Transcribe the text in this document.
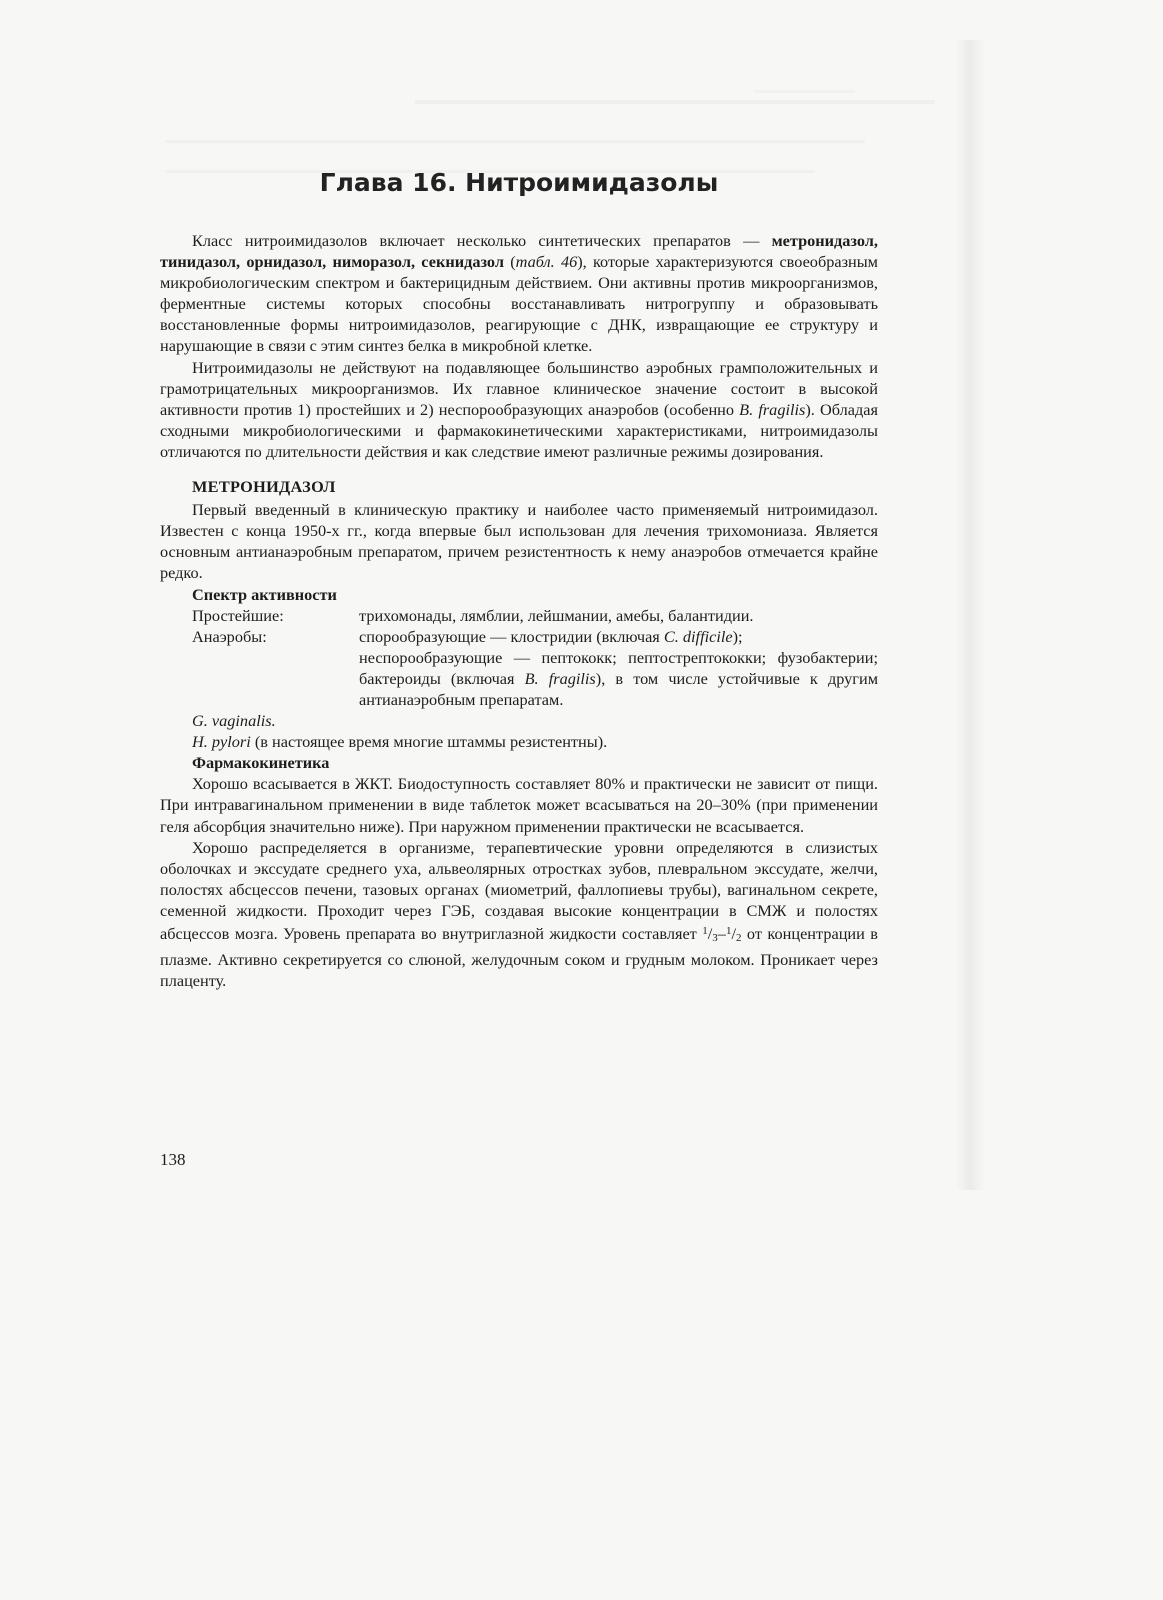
Глава 16. Нитроимидазолы

Класс нитроимидазолов включает несколько синтетических препаратов — метронидазол, тинидазол, орнидазол, ниморазол, секнидазол (табл. 46), которые характеризуются своеобразным микробиологическим спектром и бактерицидным действием. Они активны против микроорганизмов, ферментные системы которых способны восстанавливать нитрогруппу и образовывать восстановленные формы нитроимидазолов, реагирующие с ДНК, извращающие ее структуру и нарушающие в связи с этим синтез белка в микробной клетке.

Нитроимидазолы не действуют на подавляющее большинство аэробных грамположительных и грамотрицательных микроорганизмов. Их главное клиническое значение состоит в высокой активности против 1) простейших и 2) неспорообразующих анаэробов (особенно B. fragilis). Обладая сходными микробиологическими и фармакокинетическими характеристиками, нитроимидазолы отличаются по длительности действия и как следствие имеют различные режимы дозирования.

МЕТРОНИДАЗОЛ

Первый введенный в клиническую практику и наиболее часто применяемый нитроимидазол. Известен с конца 1950-х гг., когда впервые был использован для лечения трихомониаза. Является основным антианаэробным препаратом, причем резистентность к нему анаэробов отмечается крайне редко.

Спектр активности
Простейшие:	трихомонады, лямблии, лейшмании, амебы, балантидии.
Анаэробы:	спорообразующие — клостридии (включая C. difficile);
неспорообразующие — пептококк; пептострептококки; фузобактерии; бактероиды (включая B. fragilis), в том числе устойчивые к другим антианаэробным препаратам.
G. vaginalis.
H. pylori (в настоящее время многие штаммы резистентны).
Фармакокинетика

Хорошо всасывается в ЖКТ. Биодоступность составляет 80% и практически не зависит от пищи. При интравагинальном применении в виде таблеток может всасываться на 20–30% (при применении геля абсорбция значительно ниже). При наружном применении практически не всасывается.

Хорошо распределяется в организме, терапевтические уровни определяются в слизистых оболочках и экссудате среднего уха, альвеолярных отростках зубов, плевральном экссудате, желчи, полостях абсцессов печени, тазовых органах (миометрий, фаллопиевы трубы), вагинальном секрете, семенной жидкости. Проходит через ГЭБ, создавая высокие концентрации в СМЖ и полостях абсцессов мозга. Уровень препарата во внутриглазной жидкости составляет $^1$/3–$^1$/2 от концентрации в плазме. Активно секретируется со слюной, желудочным соком и грудным молоком. Проникает через плаценту.

138
